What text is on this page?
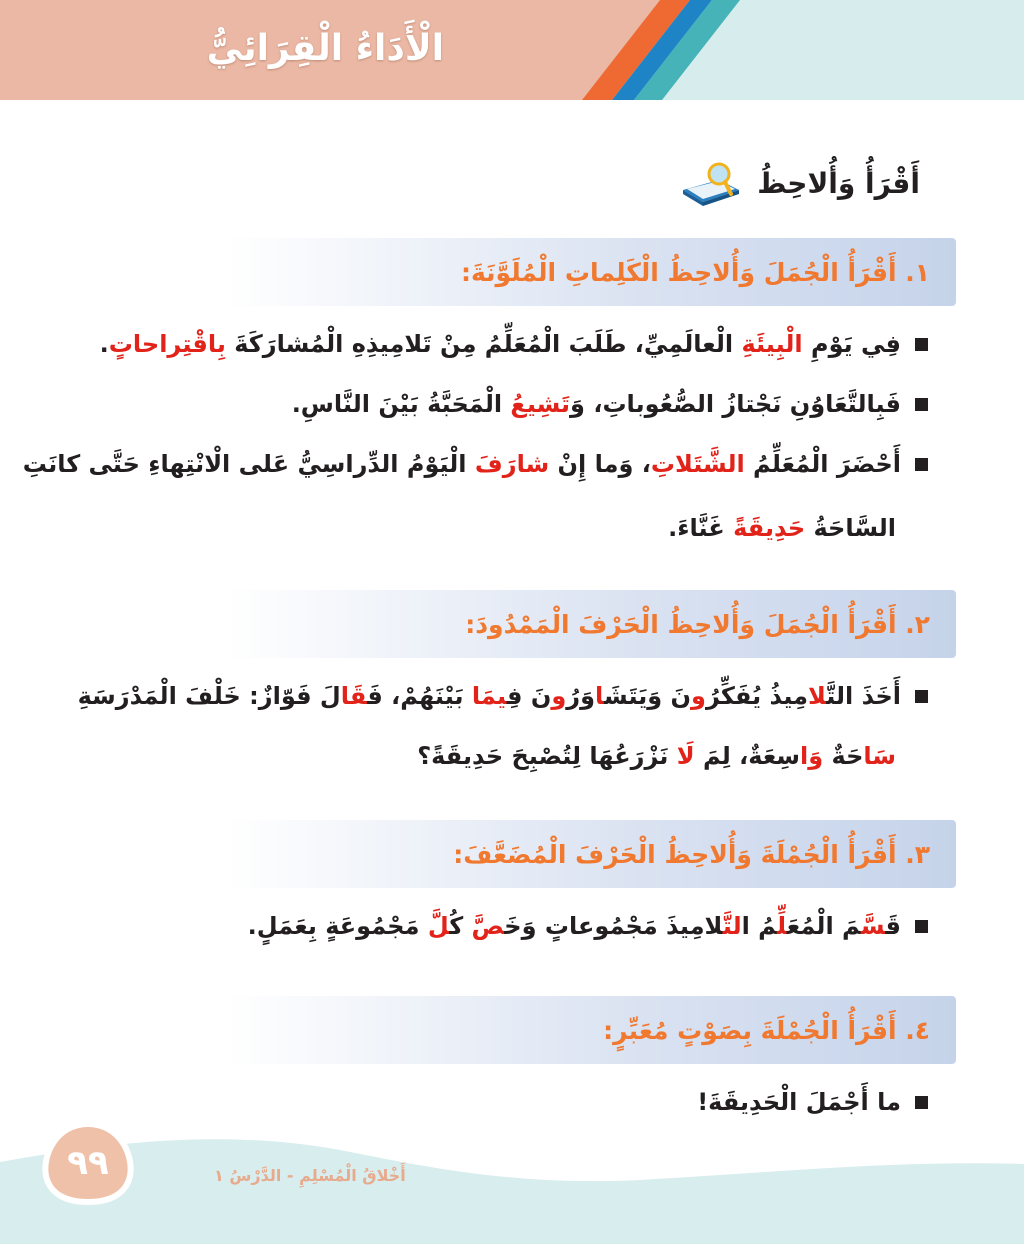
الْأَدَاءُ الْقِرَائِيُّ
أَقْرَأُ وَأُلاحِظُ
١. أَقْرَأُ الْجُمَلَ وَأُلاحِظُ الْكَلِماتِ الْمُلَوَّنَةَ:
فِي يَوْمِ الْبِيئَةِ الْعالَمِيِّ، طَلَبَ الْمُعَلِّمُ مِنْ تَلامِيذِهِ الْمُشارَكَةَ بِاقْتِراحاتٍ.
فَبِالتَّعَاوُنِ نَجْتازُ الصُّعُوباتِ، وَتَشِيعُ الْمَحَبَّةُ بَيْنَ النَّاسِ.
أَحْضَرَ الْمُعَلِّمُ الشَّتَلاتِ، وَما إِنْ شارَفَ الْيَوْمُ الدِّراسِيُّ عَلى الْانْتِهاءِ حَتَّى كانَتِ
السَّاحَةُ حَدِيقَةً غَنَّاءَ.
٢. أَقْرَأُ الْجُمَلَ وَأُلاحِظُ الْحَرْفَ الْمَمْدُودَ:
أَخَذَ التَّلامِيذُ يُفَكِّرُونَ وَيَتَشَاوَرُونَ فِيمَا بَيْنَهُمْ، فَقَالَ فَوّازٌ: خَلْفَ الْمَدْرَسَةِ
سَاحَةٌ وَاسِعَةٌ، لِمَ لَا نَزْرَعُهَا لِتُصْبِحَ حَدِيقَةً؟
٣. أَقْرَأُ الْجُمْلَةَ وَأُلاحِظُ الْحَرْفَ الْمُضَعَّفَ:
قَسَّمَ الْمُعَلِّمُ التَّلامِيذَ مَجْمُوعاتٍ وَخَصَّ كُلَّ مَجْمُوعَةٍ بِعَمَلٍ.
٤. أَقْرَأُ الْجُمْلَةَ بِصَوْتٍ مُعَبِّرٍ:
ما أَجْمَلَ الْحَدِيقَةَ!
٩٩	أَخْلاقُ الْمُسْلِمِ - الدَّرْسُ ١
